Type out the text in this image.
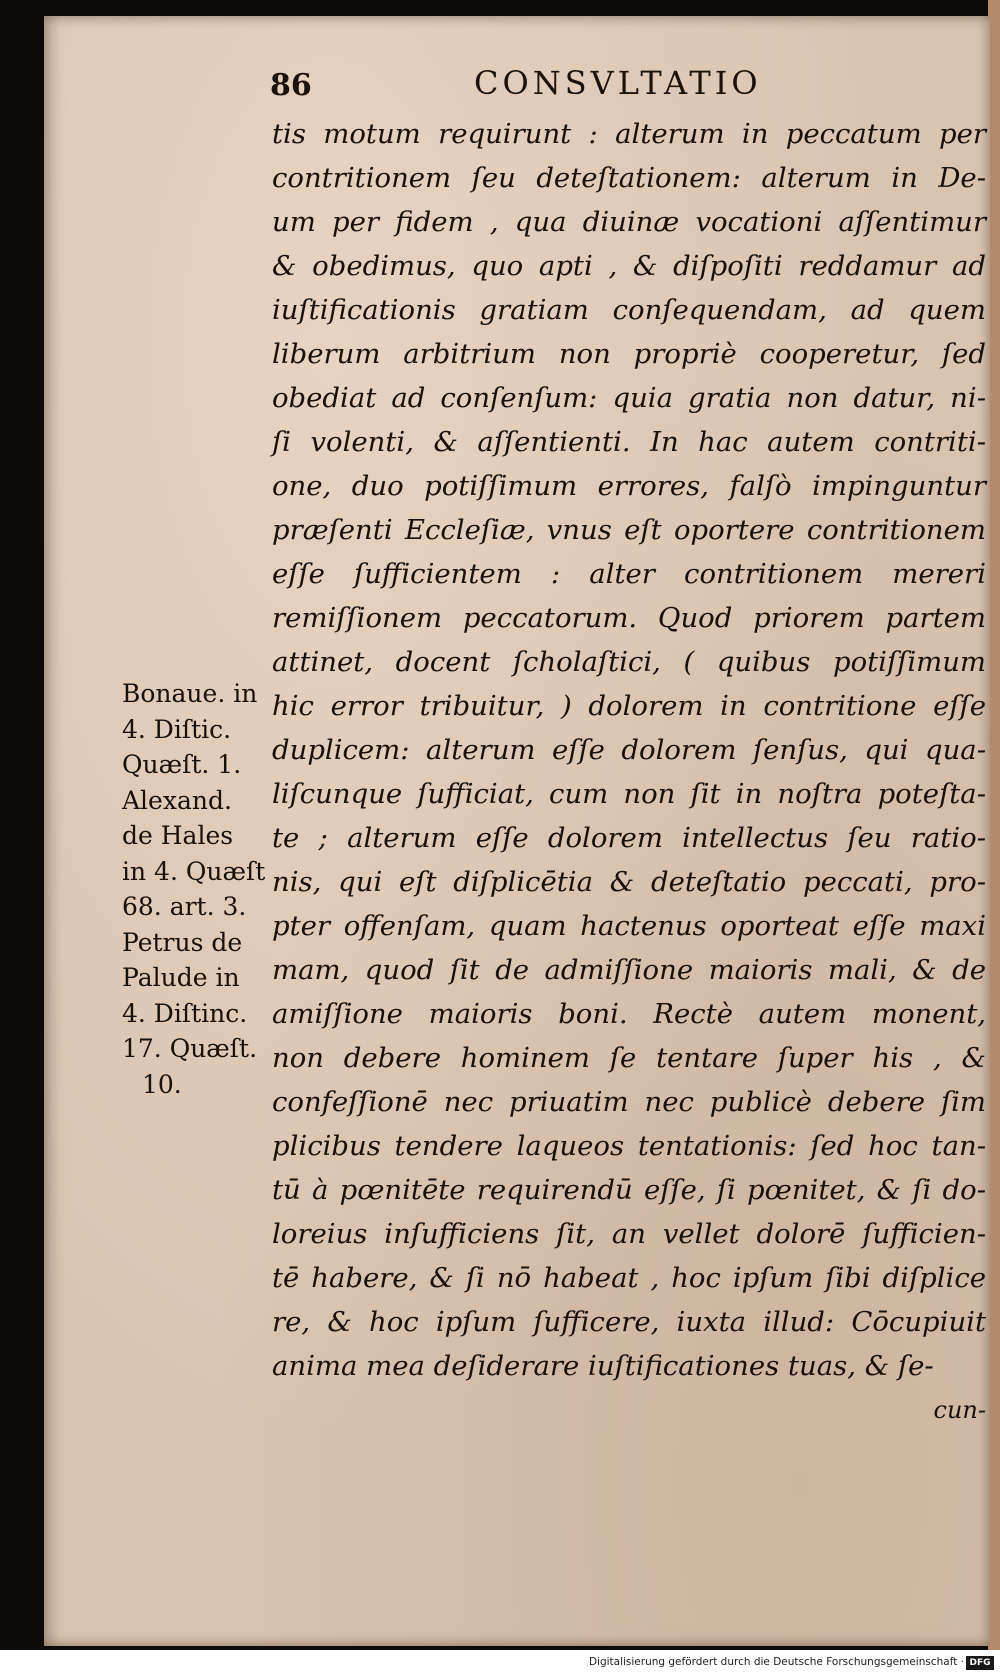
86	CONSVLTATIO
Bonaue. in
4. Diſtic.
Quæſt. 1.
Alexand.
de Hales
in 4. Quæſt
68. art. 3.
Petrus de
Palude in
4. Diſtinc.
17. Quæſt.
10.
tis motum requirunt : alterum in peccatum per
contritionem ſeu deteſtationem: alterum in De-
um per fidem , qua diuinæ vocationi aſſentimur
& obedimus, quo apti , & diſpoſiti reddamur ad
iuſtificationis gratiam conſequendam, ad quem
liberum arbitrium non propriè cooperetur, ſed
obediat ad conſenſum: quia gratia non datur, ni-
ſi volenti, & aſſentienti. In hac autem contriti-
one, duo potiſſimum errores, falſò impinguntur
præſenti Eccleſiæ, vnus eſt oportere contritionem
eſſe ſufficientem : alter contritionem mereri
remiſſionem peccatorum. Quod priorem partem
attinet, docent ſcholaſtici, ( quibus potiſſimum
hic error tribuitur, ) dolorem in contritione eſſe
duplicem: alterum eſſe dolorem ſenſus, qui qua-
liſcunque ſufficiat, cum non ſit in noſtra poteſta-
te ; alterum eſſe dolorem intellectus ſeu ratio-
nis, qui eſt diſplicētia & deteſtatio peccati, pro-
pter offenſam, quam hactenus oporteat eſſe maxi
mam, quod ſit de admiſſione maioris mali, & de
amiſſione maioris boni. Rectè autem monent,
non debere hominem ſe tentare ſuper his , &
confeſſionē nec priuatim nec publicè debere ſim
plicibus tendere laqueos tentationis: ſed hoc tan-
tū à pœnitēte requirendū eſſe, ſi pœnitet, & ſi do-
loreius inſufficiens ſit, an vellet dolorē ſufficien-
tē habere, & ſi nō habeat , hoc ipſum ſibi diſplice
re, & hoc ipſum ſufficere, iuxta illud: Cōcupiuit
anima mea deſiderare iuſtificationes tuas, & ſe-
cun-
Digitalisierung gefördert durch die Deutsche Forschungsgemeinschaft · DFG
